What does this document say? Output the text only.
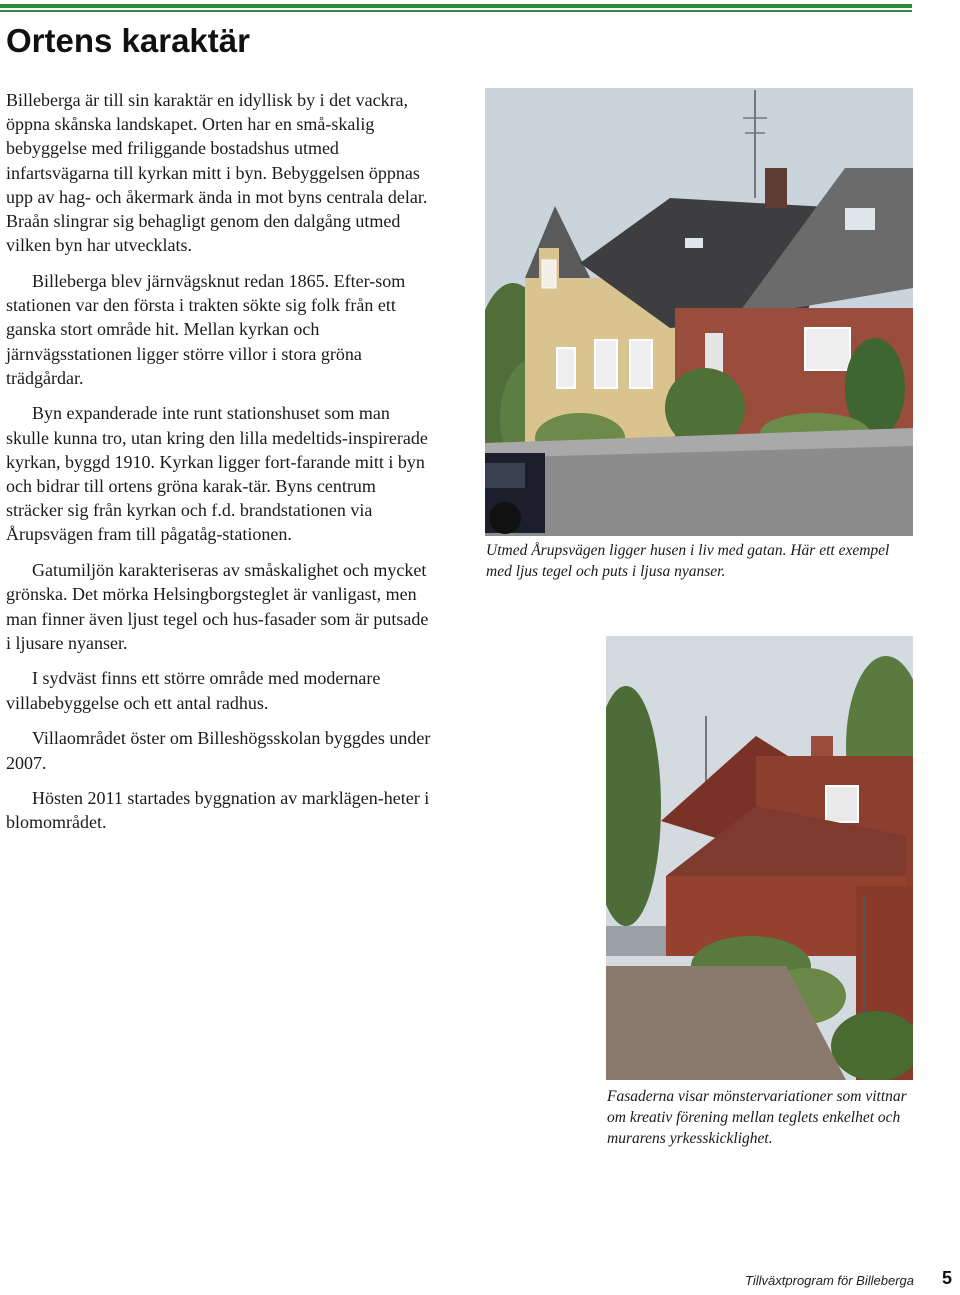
Ortens karaktär

Billeberga är till sin karaktär en idyllisk by i det vackra, öppna skånska landskapet. Orten har en små-skalig bebyggelse med friliggande bostadshus utmed infartsvägarna till kyrkan mitt i byn. Bebyggelsen öppnas upp av hag- och åkermark ända in mot byns centrala delar. Braån slingrar sig behagligt genom den dalgång utmed vilken byn har utvecklats.

Billeberga blev järnvägsknut redan 1865. Efter-som stationen var den första i trakten sökte sig folk från ett ganska stort område hit. Mellan kyrkan och järnvägsstationen ligger större villor i stora gröna trädgårdar.

Byn expanderade inte runt stationshuset som man skulle kunna tro, utan kring den lilla medeltids-inspirerade kyrkan, byggd 1910. Kyrkan ligger fort-farande mitt i byn och bidrar till ortens gröna karak-tär. Byns centrum sträcker sig från kyrkan och f.d. brandstationen via Årupsvägen fram till pågatåg-stationen.

Gatumiljön karakteriseras av småskalighet och mycket grönska. Det mörka Helsingborgsteglet är vanligast, men man finner även ljust tegel och hus-fasader som är putsade i ljusare nyanser.

I sydväst finns ett större område med modernare villabebyggelse och ett antal radhus.

Villaområdet öster om Billeshögsskolan byggdes under 2007.

Hösten 2011 startades byggnation av marklägen-heter i blomområdet.

Utmed Årupsvägen ligger husen i liv med gatan. Här ett exempel med ljus tegel och puts i ljusa nyanser.

Fasaderna visar mönstervariationer som vittnar om kreativ förening mellan teglets enkelhet och murarens yrkesskicklighet.

Tillväxtprogram för Billeberga 5
